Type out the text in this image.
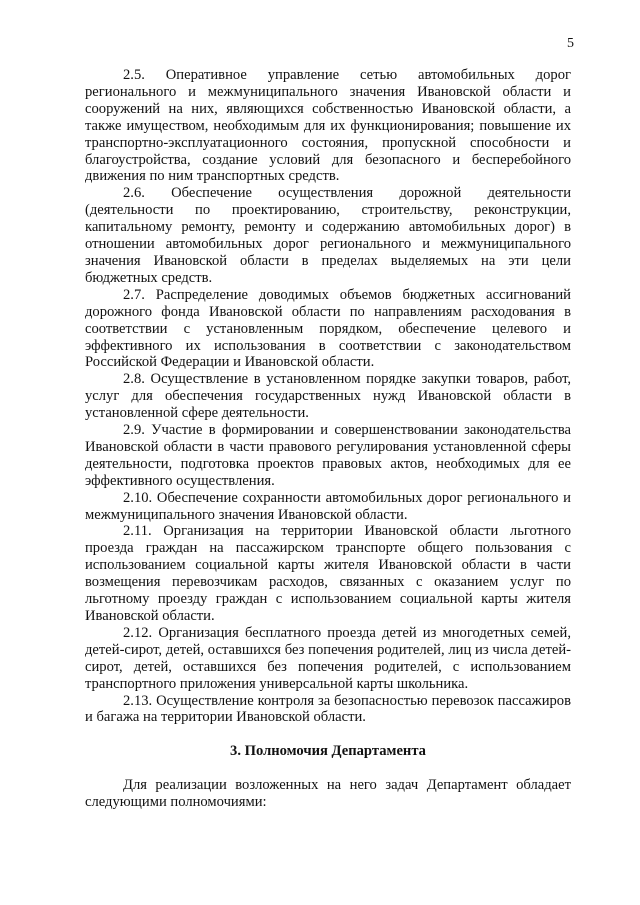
5

2.5. Оперативное управление сетью автомобильных дорог регионального и межмуниципального значения Ивановской области и сооружений на них, являющихся собственностью Ивановской области, а также имуществом, необходимым для их функционирования; повышение их транспортно-эксплуатационного состояния, пропускной способности и благоустройства, создание условий для безопасного и бесперебойного движения по ним транспортных средств.

2.6. Обеспечение осуществления дорожной деятельности (деятельности по проектированию, строительству, реконструкции, капитальному ремонту, ремонту и содержанию автомобильных дорог) в отношении автомобильных дорог регионального и межмуниципального значения Ивановской области в пределах выделяемых на эти цели бюджетных средств.

2.7. Распределение доводимых объемов бюджетных ассигнований дорожного фонда Ивановской области по направлениям расходования в соответствии с установленным порядком, обеспечение целевого и эффективного их использования в соответствии с законодательством Российской Федерации и Ивановской области.

2.8. Осуществление в установленном порядке закупки товаров, работ, услуг для обеспечения государственных нужд Ивановской области в установленной сфере деятельности.

2.9. Участие в формировании и совершенствовании законодательства Ивановской области в части правового регулирования установленной сферы деятельности, подготовка проектов правовых актов, необходимых для ее эффективного осуществления.

2.10. Обеспечение сохранности автомобильных дорог регионального и межмуниципального значения Ивановской области.

2.11. Организация на территории Ивановской области льготного проезда граждан на пассажирском транспорте общего пользования с использованием социальной карты жителя Ивановской области в части возмещения перевозчикам расходов, связанных с оказанием услуг по льготному проезду граждан с использованием социальной карты жителя Ивановской области.

2.12. Организация бесплатного проезда детей из многодетных семей, детей-сирот, детей, оставшихся без попечения родителей, лиц из числа детей-сирот, детей, оставшихся без попечения родителей, с использованием транспортного приложения универсальной карты школьника.

2.13. Осуществление контроля за безопасностью перевозок пассажиров и багажа на территории Ивановской области.

3. Полномочия Департамента

Для реализации возложенных на него задач Департамент обладает следующими полномочиями:
